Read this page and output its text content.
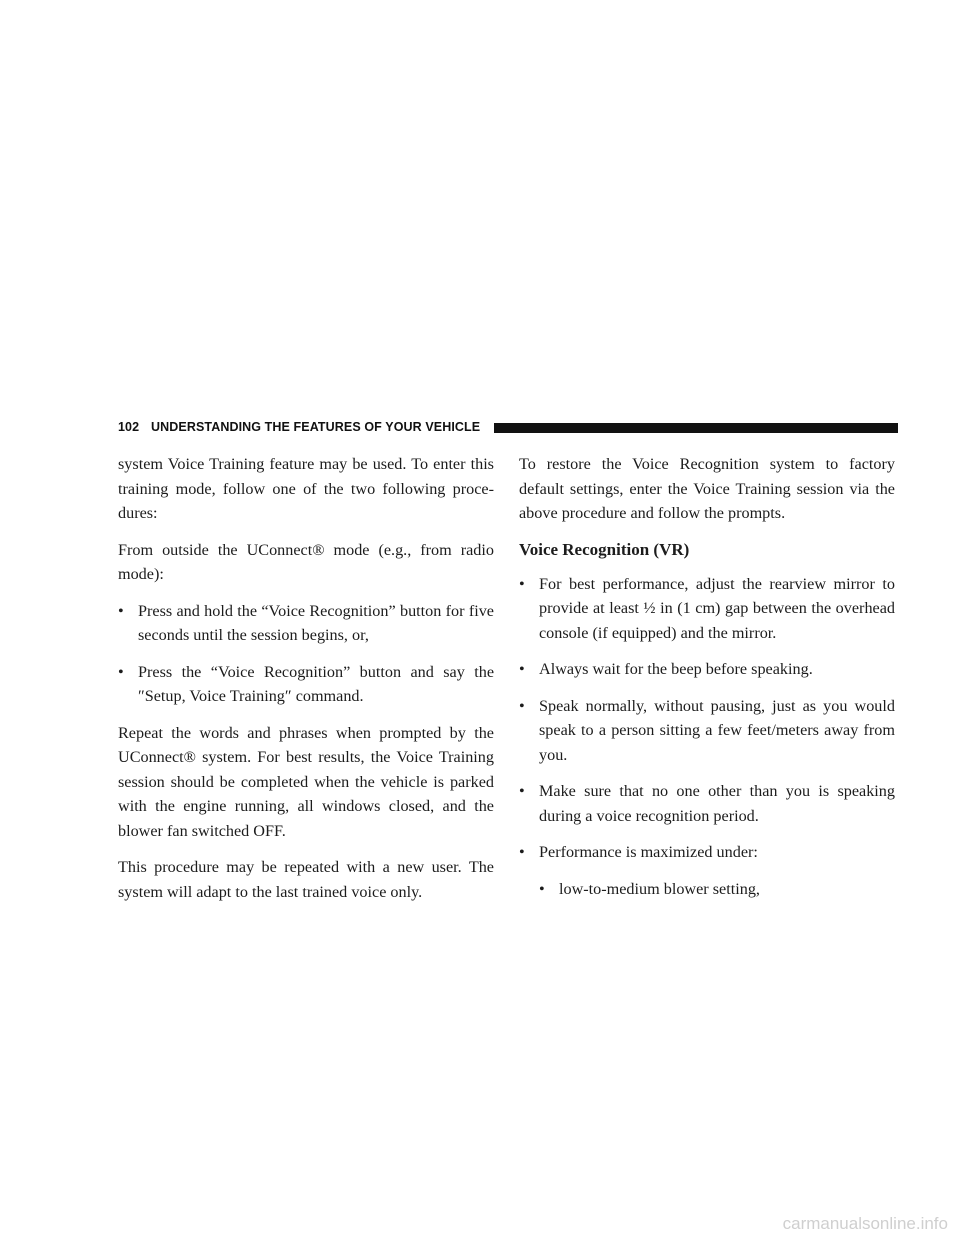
102 UNDERSTANDING THE FEATURES OF YOUR VEHICLE

system Voice Training feature may be used. To enter this training mode, follow one of the two following proce- dures:

From outside the UConnect® mode (e.g., from radio mode):

• Press and hold the “Voice Recognition” button for five seconds until the session begins, or,
• Press the “Voice Recognition” button and say the ″Setup, Voice Training″ command.

Repeat the words and phrases when prompted by the UConnect® system. For best results, the Voice Training session should be completed when the vehicle is parked with the engine running, all windows closed, and the blower fan switched OFF.

This procedure may be repeated with a new user. The system will adapt to the last trained voice only.

To restore the Voice Recognition system to factory default settings, enter the Voice Training session via the above procedure and follow the prompts.

Voice Recognition (VR)
• For best performance, adjust the rearview mirror to provide at least ½ in (1 cm) gap between the overhead console (if equipped) and the mirror.
• Always wait for the beep before speaking.
• Speak normally, without pausing, just as you would speak to a person sitting a few feet/meters away from you.
• Make sure that no one other than you is speaking during a voice recognition period.
• Performance is maximized under:
• low-to-medium blower setting,
carmanualsonline.info
